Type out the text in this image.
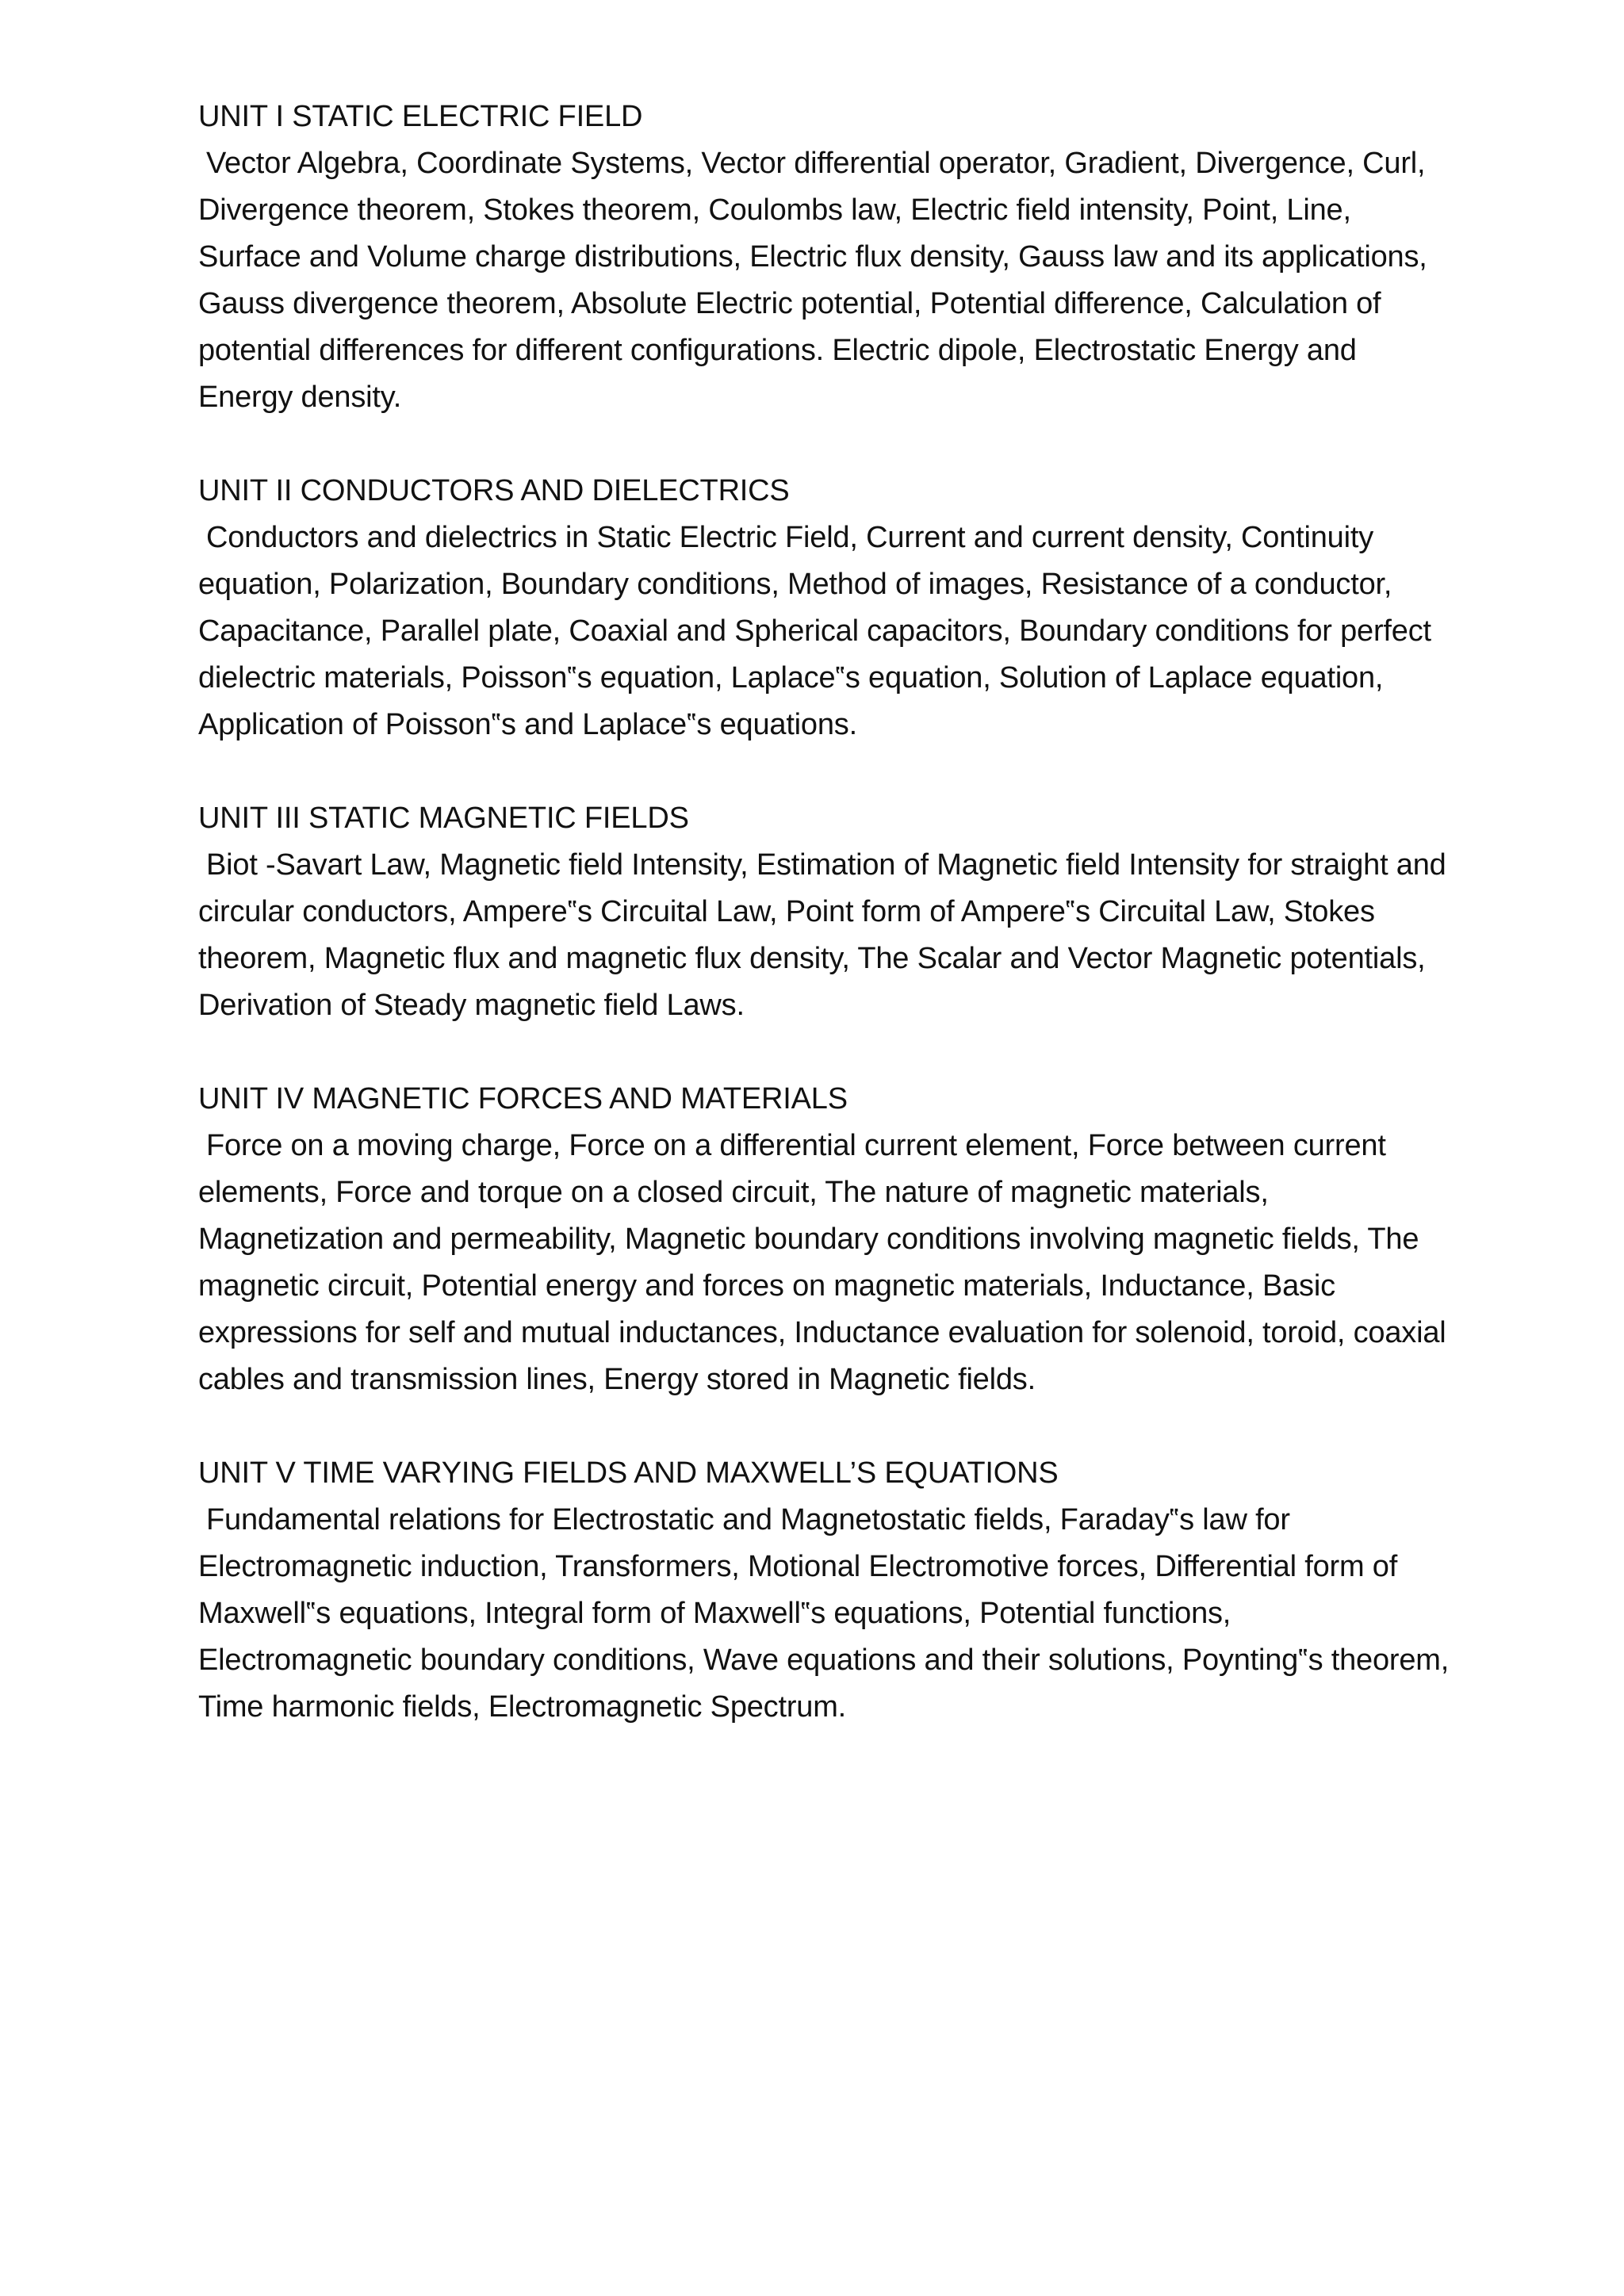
UNIT I STATIC ELECTRIC FIELD

Vector Algebra, Coordinate Systems, Vector differential operator, Gradient, Divergence, Curl, Divergence theorem, Stokes theorem, Coulombs law, Electric field intensity, Point, Line, Surface and Volume charge distributions, Electric flux density, Gauss law and its applications, Gauss divergence theorem, Absolute Electric potential, Potential difference, Calculation of potential differences for different configurations. Electric dipole, Electrostatic Energy and Energy density.

UNIT II CONDUCTORS AND DIELECTRICS

Conductors and dielectrics in Static Electric Field, Current and current density, Continuity equation, Polarization, Boundary conditions, Method of images, Resistance of a conductor, Capacitance, Parallel plate, Coaxial and Spherical capacitors, Boundary conditions for perfect dielectric materials, Poisson‟s equation, Laplace‟s equation, Solution of Laplace equation, Application of Poisson‟s and Laplace‟s equations.

UNIT III STATIC MAGNETIC FIELDS

Biot -Savart Law, Magnetic field Intensity, Estimation of Magnetic field Intensity for straight and circular conductors, Ampere‟s Circuital Law, Point form of Ampere‟s Circuital Law, Stokes theorem, Magnetic flux and magnetic flux density, The Scalar and Vector Magnetic potentials, Derivation of Steady magnetic field Laws.

UNIT IV MAGNETIC FORCES AND MATERIALS

Force on a moving charge, Force on a differential current element, Force between current elements, Force and torque on a closed circuit, The nature of magnetic materials, Magnetization and permeability, Magnetic boundary conditions involving magnetic fields, The magnetic circuit, Potential energy and forces on magnetic materials, Inductance, Basic expressions for self and mutual inductances, Inductance evaluation for solenoid, toroid, coaxial cables and transmission lines, Energy stored in Magnetic fields.

UNIT V TIME VARYING FIELDS AND MAXWELL’S EQUATIONS

Fundamental relations for Electrostatic and Magnetostatic fields, Faraday‟s law for Electromagnetic induction, Transformers, Motional Electromotive forces, Differential form of Maxwell‟s equations, Integral form of Maxwell‟s equations, Potential functions, Electromagnetic boundary conditions, Wave equations and their solutions, Poynting‟s theorem, Time harmonic fields, Electromagnetic Spectrum.
